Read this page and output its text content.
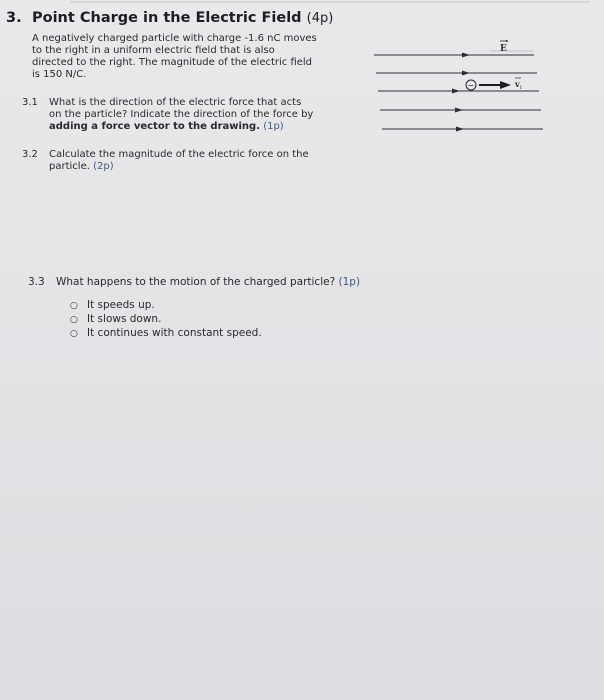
3. Point Charge in the Electric Field (4p)
A negatively charged particle with charge -1.6 nC moves
to the right in a uniform electric field that is also
directed to the right. The magnitude of the electric field
is 150 N/C.
3.1 What is the direction of the electric force that acts
on the particle? Indicate the direction of the force by
adding a force vector to the drawing. (1p)
3.2 Calculate the magnitude of the electric force on the
particle. (2p)
3.3 What happens to the motion of the charged particle? (1p)
○ It speeds up.
○ It slows down.
○ It continues with constant speed.
E
−	v i
